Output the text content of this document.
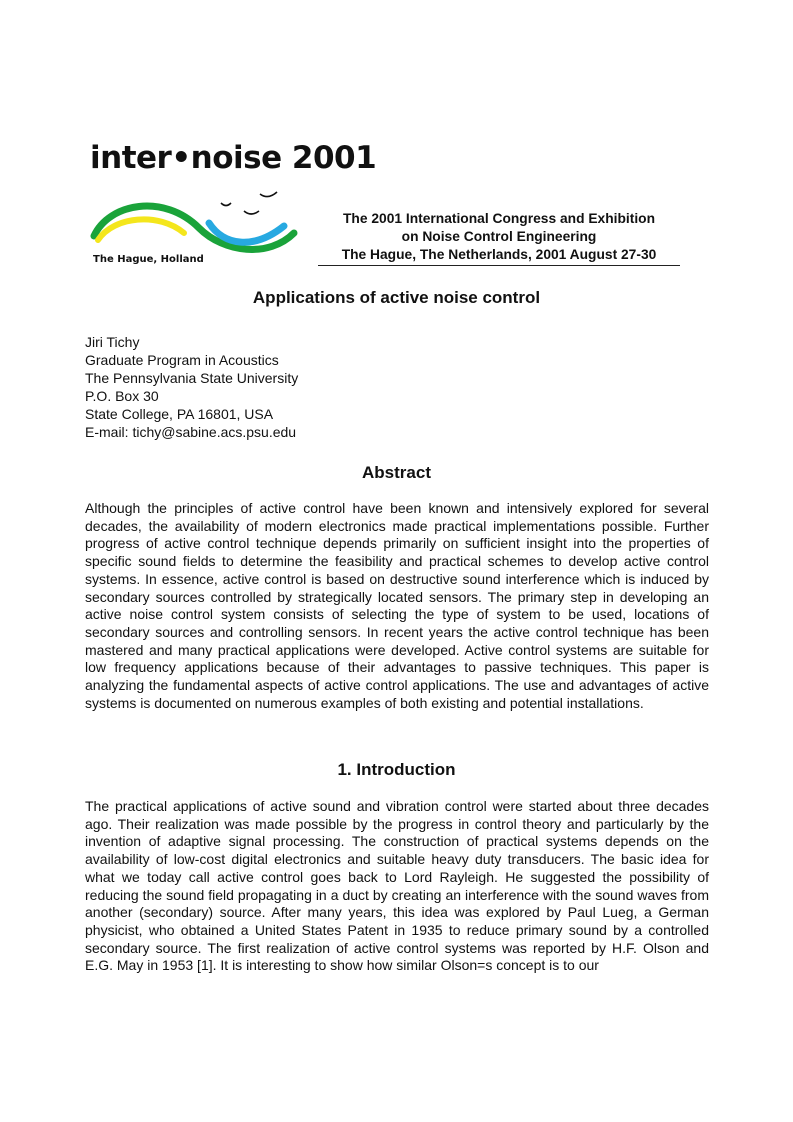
inter•noise 2001
The Hague, Holland
The 2001 International Congress and Exhibition
on Noise Control Engineering
The Hague, The Netherlands, 2001 August 27-30
Applications of active noise control
Jiri Tichy
Graduate Program in Acoustics
The Pennsylvania State University
P.O. Box 30
State College, PA 16801, USA
E-mail: tichy@sabine.acs.psu.edu
Abstract
Although the principles of active control have been known and intensively explored for several decades, the availability of modern electronics made practical implementations possible. Further progress of active control technique depends primarily on sufficient insight into the properties of specific sound fields to determine the feasibility and practical schemes to develop active control systems. In essence, active control is based on destructive sound interference which is induced by secondary sources controlled by strategically located sensors. The primary step in developing an active noise control system consists of selecting the type of system to be used, locations of secondary sources and controlling sensors. In recent years the active control technique has been mastered and many practical applications were developed. Active control systems are suitable for low frequency applications because of their advantages to passive techniques. This paper is analyzing the fundamental aspects of active control applications. The use and advantages of active systems is documented on numerous examples of both existing and potential installations.
1. Introduction
The practical applications of active sound and vibration control were started about three decades ago. Their realization was made possible by the progress in control theory and particularly by the invention of adaptive signal processing. The construction of practical systems depends on the availability of low-cost digital electronics and suitable heavy duty transducers. The basic idea for what we today call active control goes back to Lord Rayleigh. He suggested the possibility of reducing the sound field propagating in a duct by creating an interference with the sound waves from another (secondary) source. After many years, this idea was explored by Paul Lueg, a German physicist, who obtained a United States Patent in 1935 to reduce primary sound by a controlled secondary source. The first realization of active control systems was reported by H.F. Olson and E.G. May in 1953 [1]. It is interesting to show how similar Olson=s concept is to our
